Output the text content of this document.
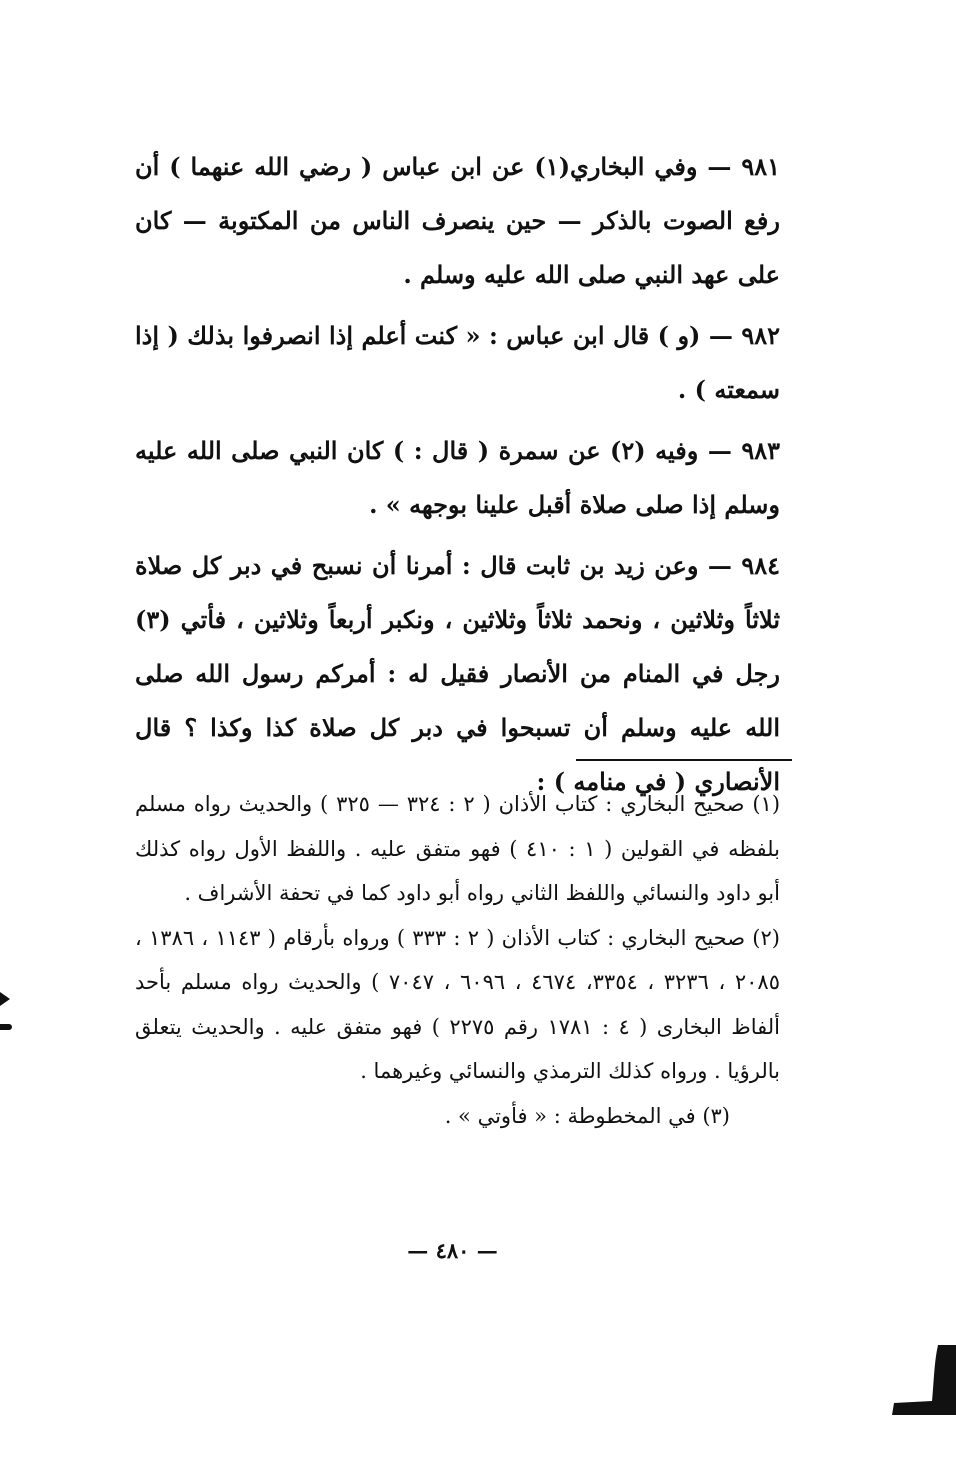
٩٨١ — وفي البخاري(١) عن ابن عباس ( رضي الله عنهما ) أن رفع الصوت بالذكر — حين ينصرف الناس من المكتوبة — كان على عهد النبي صلى الله عليه وسلم .

٩٨٢ — (و ) قال ابن عباس : « كنت أعلم إذا انصرفوا بذلك ( إذا سمعته ) .

٩٨٣ — وفيه (٢) عن سمرة ( قال : ) كان النبي صلى الله عليه وسلم إذا صلى صلاة أقبل علينا بوجهه » .

٩٨٤ — وعن زيد بن ثابت قال : أمرنا أن نسبح في دبر كل صلاة ثلاثاً وثلاثين ، ونحمد ثلاثاً وثلاثين ، ونكبر أربعاً وثلاثين ، فأتي (٣) رجل في المنام من الأنصار فقيل له : أمركم رسول الله صلى الله عليه وسلم أن تسبحوا في دبر كل صلاة كذا وكذا ؟ قال الأنصاري ( في منامه ) :

(١) صحيح البخاري : كتاب الأذان ( ٢ : ٣٢٤ — ٣٢٥ ) والحديث رواه مسلم بلفظه في القولين ( ١ : ٤١٠ ) فهو متفق عليه . واللفظ الأول رواه كذلك أبو داود والنسائي واللفظ الثاني رواه أبو داود كما في تحفة الأشراف .

(٢) صحيح البخاري : كتاب الأذان ( ٢ : ٣٣٣ ) ورواه بأرقام ( ١١٤٣ ، ١٣٨٦ ، ٢٠٨٥ ، ٣٢٣٦ ، ٣٣٥٤، ٤٦٧٤ ، ٦٠٩٦ ، ٧٠٤٧ ) والحديث رواه مسلم بأحد ألفاظ البخارى ( ٤ : ١٧٨١ رقم ٢٢٧٥ ) فهو متفق عليه . والحديث يتعلق بالرؤيا . ورواه كذلك الترمذي والنسائي وغيرهما .

(٣) في المخطوطة : « فأوتي » .

— ٤٨٠ —
